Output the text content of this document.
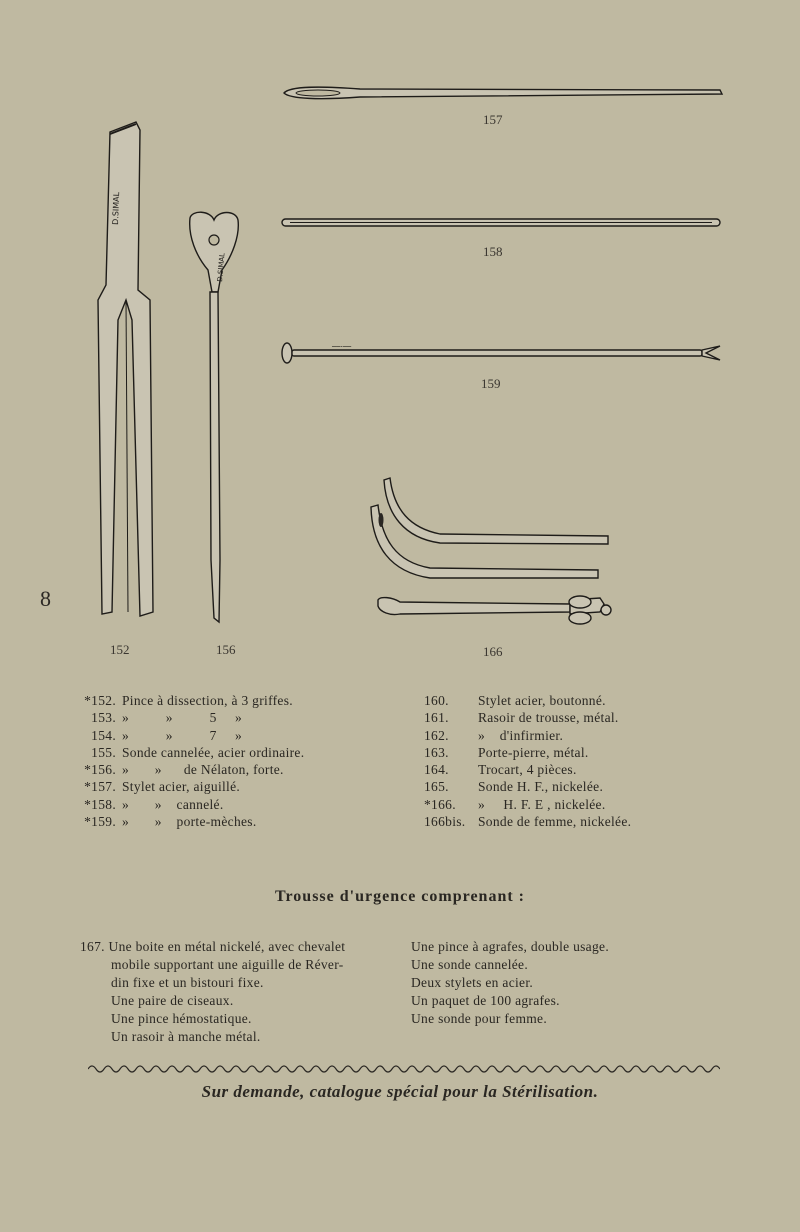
D.SIMAL
D.SIMAL
──·──
157
158
159
152	156	166
8
*152. Pince à dissection, à 3 griffes.
153. »          »          5     »
154. »          »          7     »
155. Sonde cannelée, acier ordinaire.
*156. »       »      de Nélaton, forte.
*157. Stylet acier, aiguillé.
*158. »       »    cannelé.
*159. »       »    porte-mèches.
160.	Stylet acier, boutonné.
161.	Rasoir de trousse, métal.
162.	»    d'infirmier.
163.	Porte-pierre, métal.
164.	Trocart, 4 pièces.
165.	Sonde H. F., nickelée.
*166.	»     H. F. E , nickelée.
166bis. Sonde de femme, nickelée.
Trousse d'urgence comprenant :
167. Une boite en métal nickelé, avec chevalet
mobile supportant une aiguille de Réver-
din fixe et un bistouri fixe.
Une paire de ciseaux.
Une pince hémostatique.
Un rasoir à manche métal.
Une pince à agrafes, double usage.
Une sonde cannelée.
Deux stylets en acier.
Un paquet de 100 agrafes.
Une sonde pour femme.
Sur demande, catalogue spécial pour la Stérilisation.
